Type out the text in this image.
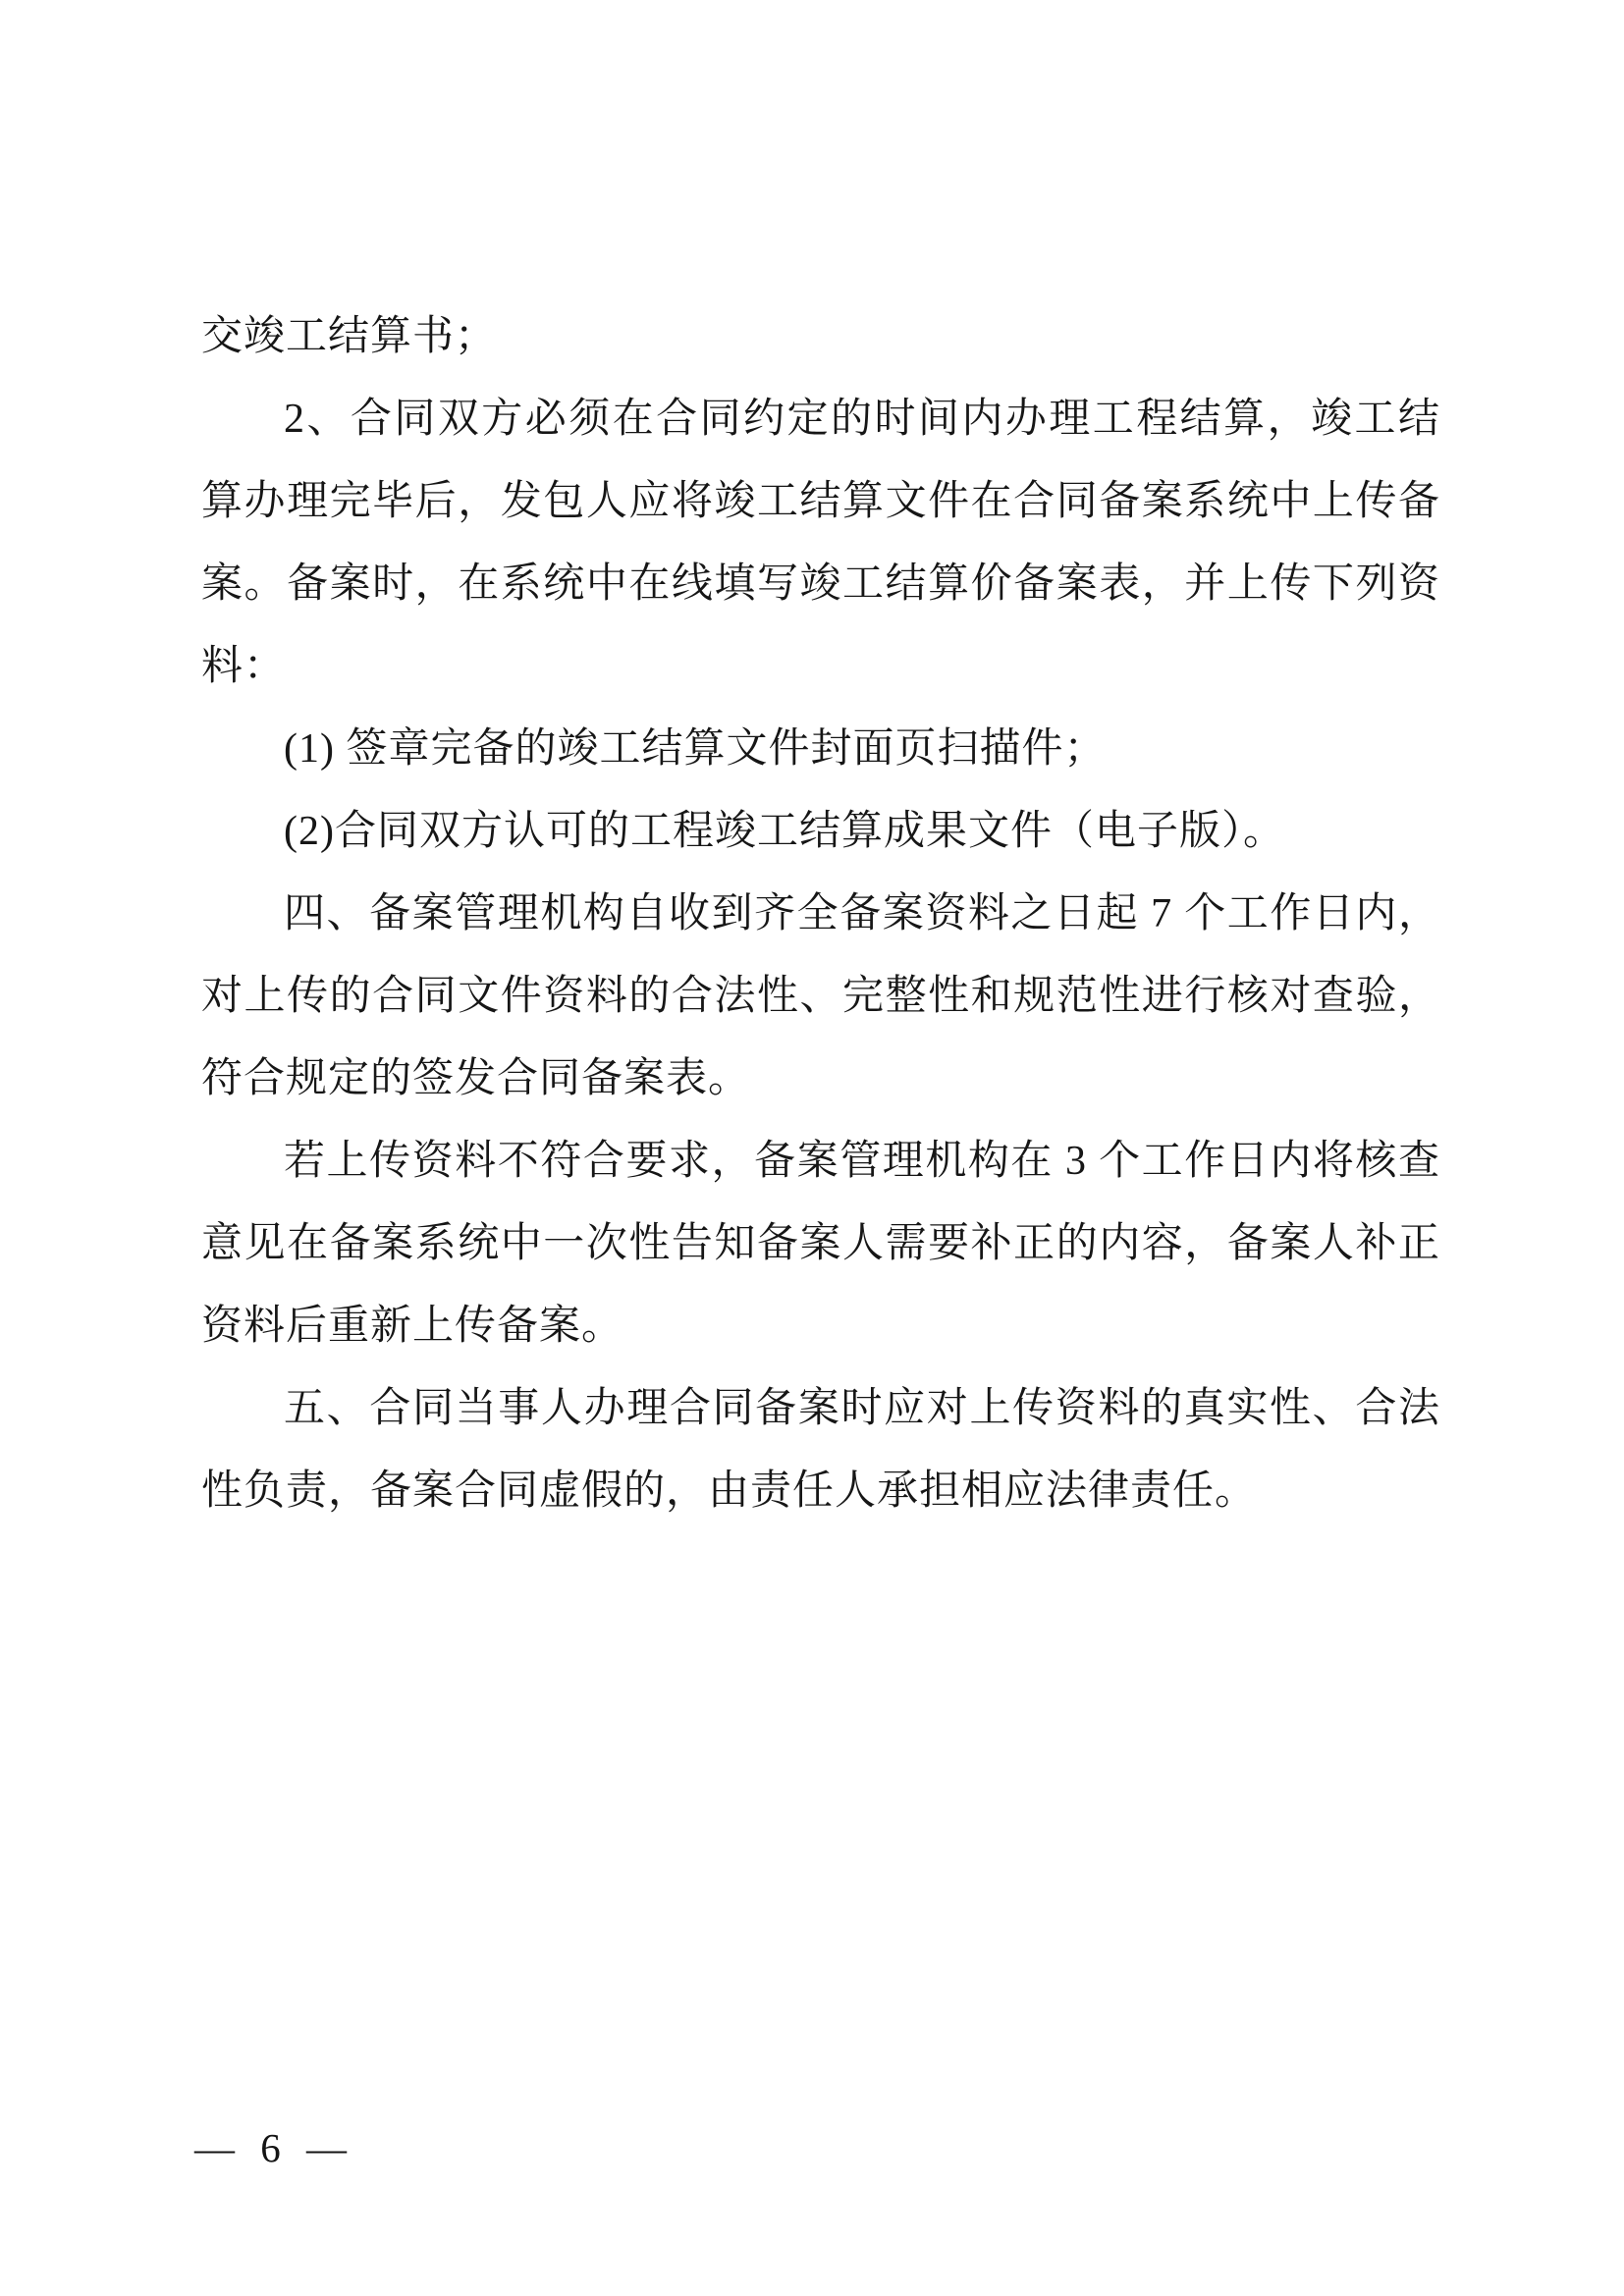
交竣工结算书；
2、合同双方必须在合同约定的时间内办理工程结算，竣工结
算办理完毕后，发包人应将竣工结算文件在合同备案系统中上传备
案。备案时，在系统中在线填写竣工结算价备案表，并上传下列资
料：
(1) 签章完备的竣工结算文件封面页扫描件；
(2)合同双方认可的工程竣工结算成果文件（电子版）。
四、备案管理机构自收到齐全备案资料之日起 7 个工作日内，
对上传的合同文件资料的合法性、完整性和规范性进行核对查验，
符合规定的签发合同备案表。
若上传资料不符合要求，备案管理机构在 3 个工作日内将核查
意见在备案系统中一次性告知备案人需要补正的内容，备案人补正
资料后重新上传备案。
五、合同当事人办理合同备案时应对上传资料的真实性、合法
性负责，备案合同虚假的，由责任人承担相应法律责任。
— 6 —
